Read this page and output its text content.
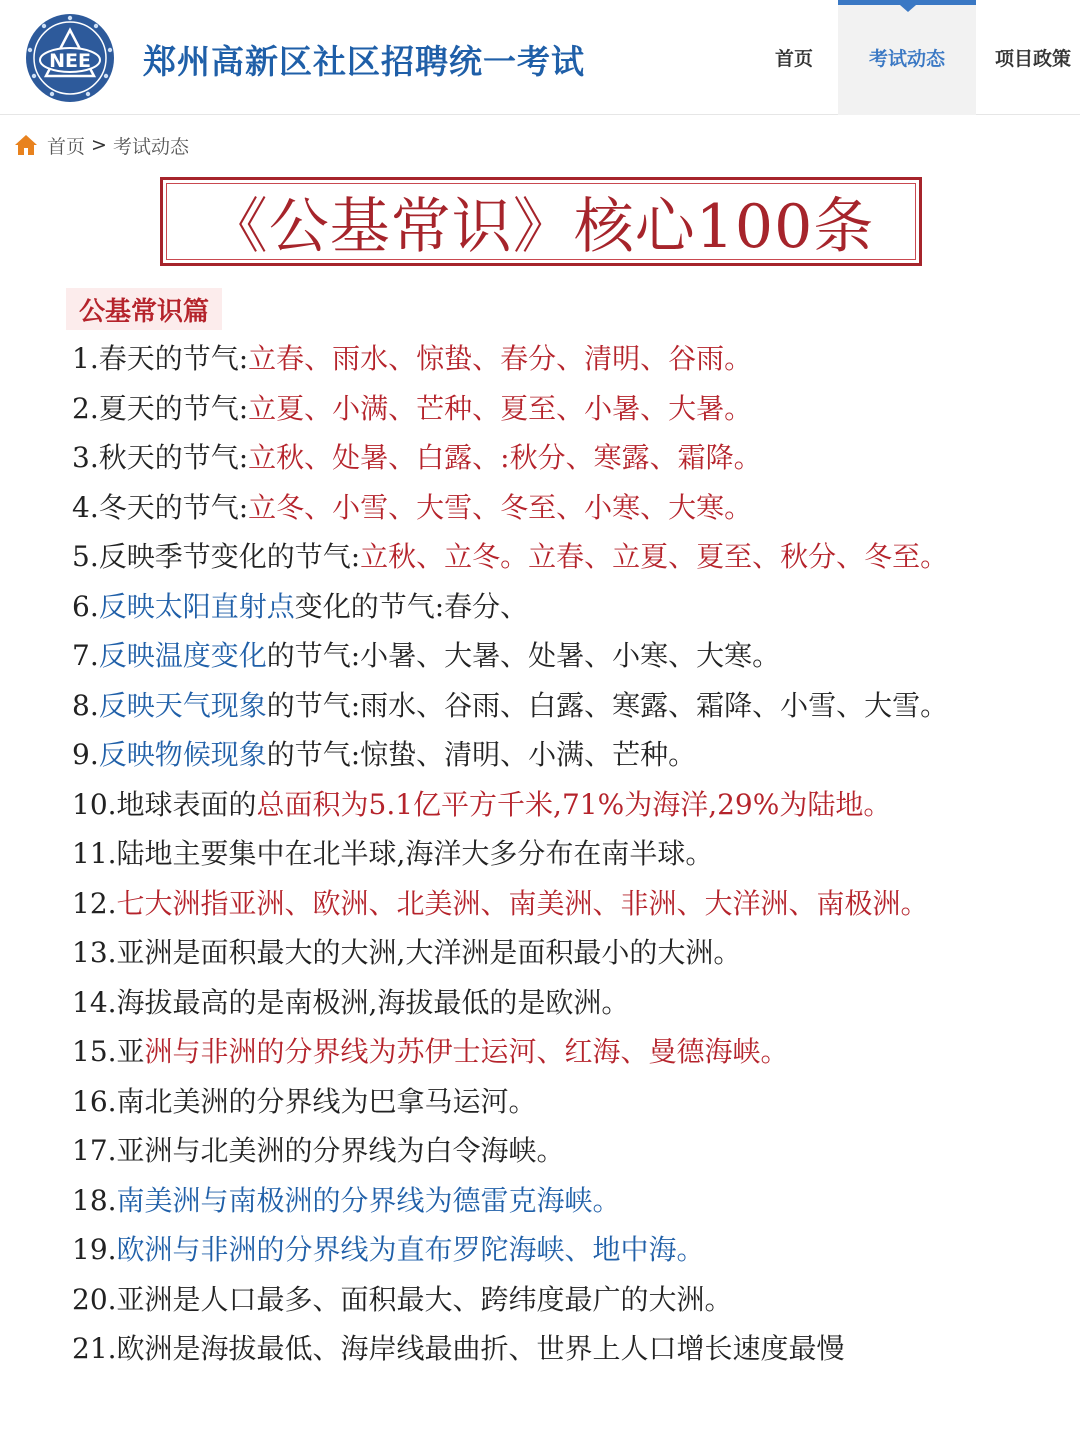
NEE 郑州高新区社区招聘统一考试	首页	考试动态	项目政策
首页 > 考试动态
《公基常识》核心100条
公基常识篇
1.春天的节气:立春、雨水、惊蛰、春分、清明、谷雨。
2.夏天的节气:立夏、小满、芒种、夏至、小暑、大暑。
3.秋天的节气:立秋、处暑、白露、:秋分、寒露、霜降。
4.冬天的节气:立冬、小雪、大雪、冬至、小寒、大寒。
5.反映季节变化的节气:立秋、立冬。立春、立夏、夏至、秋分、冬至。
6.反映太阳直射点变化的节气:春分、
7.反映温度变化的节气:小暑、大暑、处暑、小寒、大寒。
8.反映天气现象的节气:雨水、谷雨、白露、寒露、霜降、小雪、大雪。
9.反映物候现象的节气:惊蛰、清明、小满、芒种。
10.地球表面的总面积为5.1亿平方千米,71%为海洋,29%为陆地。
11.陆地主要集中在北半球,海洋大多分布在南半球。
12.七大洲指亚洲、欧洲、北美洲、南美洲、非洲、大洋洲、南极洲。
13.亚洲是面积最大的大洲,大洋洲是面积最小的大洲。
14.海拔最高的是南极洲,海拔最低的是欧洲。
15.亚洲与非洲的分界线为苏伊士运河、红海、曼德海峡。
16.南北美洲的分界线为巴拿马运河。
17.亚洲与北美洲的分界线为白令海峡。
18.南美洲与南极洲的分界线为德雷克海峡。
19.欧洲与非洲的分界线为直布罗陀海峡、地中海。
20.亚洲是人口最多、面积最大、跨纬度最广的大洲。
21.欧洲是海拔最低、海岸线最曲折、世界上人口增长速度最慢
